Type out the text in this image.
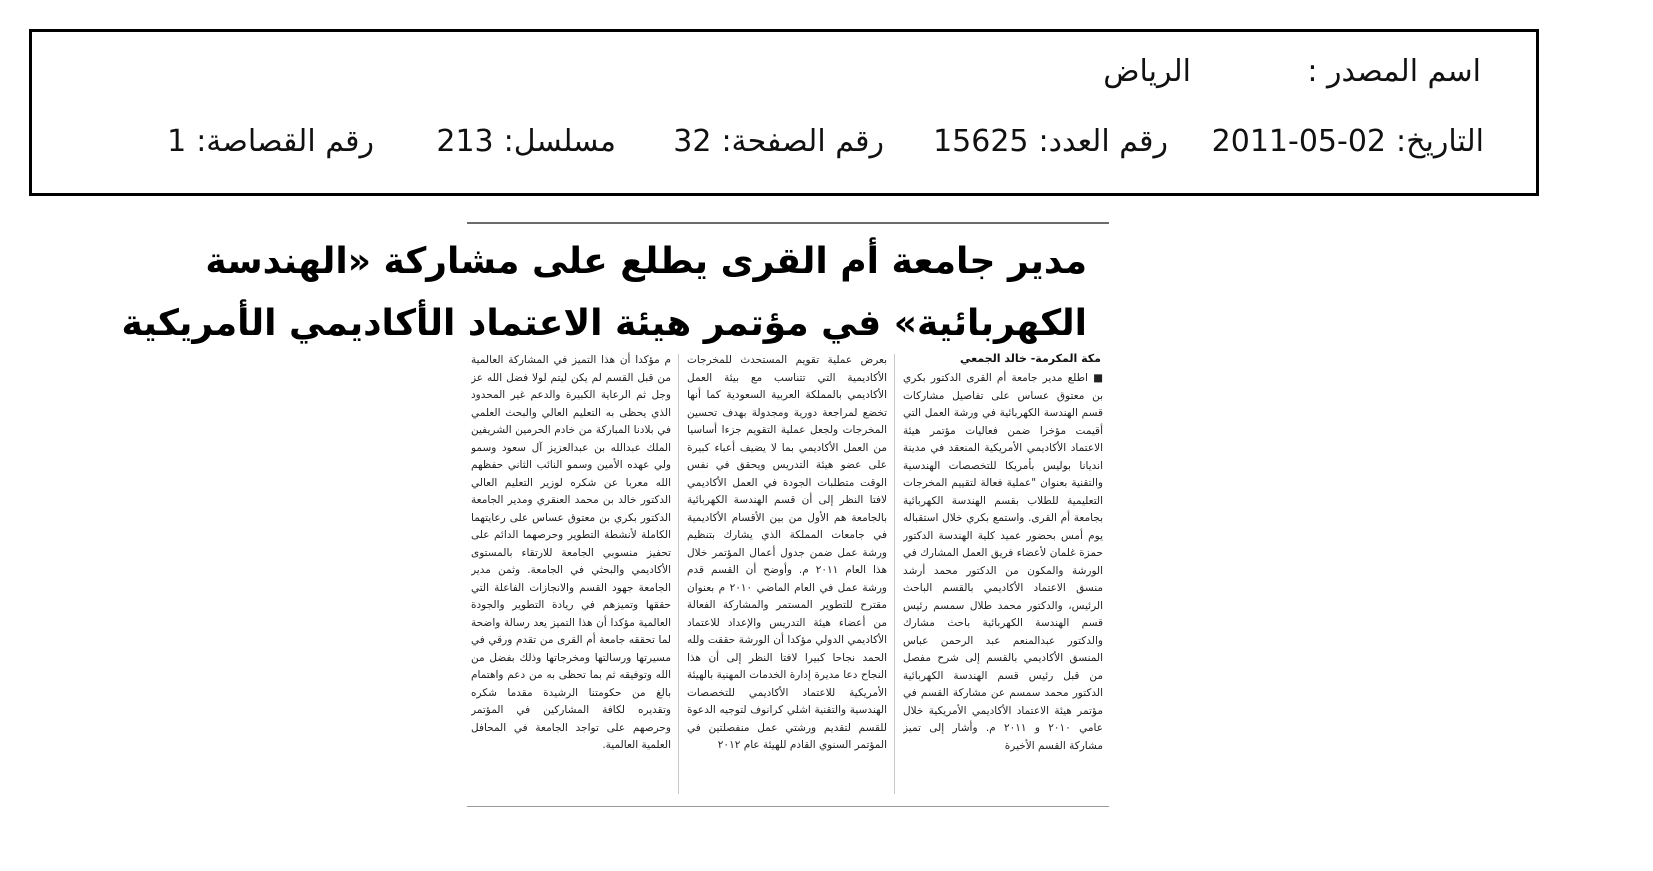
اسم المصدر :
الرياض
التاريخ:2011-05-02
رقم العدد:15625
رقم الصفحة:32
مسلسل:213
رقم القصاصة:1
مدير جامعة أم القرى يطلع على مشاركة «الهندسة
الكهربائية» في مؤتمر هيئة الاعتماد الأكاديمي الأمريكية
مكة المكرمة- خالد الجمعي

■ اطلع مدير جامعة أم القرى الدكتور بكري بن معتوق عساس على تفاصيل مشاركات قسم الهندسة الكهربائية في ورشة العمل التي أقيمت مؤخرا ضمن فعاليات مؤتمر هيئة الاعتماد الأكاديمي الأمريكية المنعقد في مدينة انديانا بوليس بأمريكا للتخصصات الهندسية والتقنية بعنوان "عملية فعالة لتقييم المخرجات التعليمية للطلاب بقسم الهندسة الكهربائية بجامعة أم القرى. واستمع بكري خلال استقباله يوم أمس بحضور عميد كلية الهندسة الدكتور حمزة غلمان لأعضاء فريق العمل المشارك في الورشة والمكون من الدكتور محمد أرشد منسق الاعتماد الأكاديمي بالقسم الباحث الرئيس، والدكتور محمد طلال سمسم رئيس قسم الهندسة الكهربائية باحث مشارك والدكتور عبدالمنعم عبد الرحمن عباس المنسق الأكاديمي بالقسم إلى شرح مفصل من قبل رئيس قسم الهندسة الكهربائية الدكتور محمد سمسم عن مشاركة القسم في مؤتمر هيئة الاعتماد الأكاديمي الأمريكية خلال عامي ٢٠١٠ و ٢٠١١ م. وأشار إلى تميز مشاركة القسم الأخيرة

بعرض عملية تقويم المستحدث للمخرجات الأكاديمية التي تتناسب مع بيئة العمل الأكاديمي بالمملكة العربية السعودية كما أنها تخضع لمراجعة دورية ومجدولة بهدف تحسين المخرجات ولجعل عملية التقويم جزءا أساسيا من العمل الأكاديمي بما لا يضيف أعباء كبيرة على عضو هيئة التدريس ويحقق في نفس الوقت متطلبات الجودة في العمل الأكاديمي لافتا النظر إلى أن قسم الهندسة الكهربائية بالجامعة هم الأول من بين الأقسام الأكاديمية في جامعات المملكة الذي يشارك بتنظيم ورشة عمل ضمن جدول أعمال المؤتمر خلال هذا العام ٢٠١١ م. وأوضح أن القسم قدم ورشة عمل في العام الماضي ٢٠١٠ م بعنوان مقترح للتطوير المستمر والمشاركة الفعالة من أعضاء هيئة التدريس والإعداد للاعتماد الأكاديمي الدولي مؤكدا أن الورشة حققت ولله الحمد نجاحا كبيرا لافتا النظر إلى أن هذا النجاح دعا مديرة إدارة الخدمات المهنية بالهيئة الأمريكية للاعتماد الأكاديمي للتخصصات الهندسية والتقنية اشلي كرانوف لتوجيه الدعوة للقسم لتقديم ورشتي عمل منفصلتين في المؤتمر السنوي القادم للهيئة عام ٢٠١٢

م مؤكدا أن هذا التميز في المشاركة العالمية من قبل القسم لم يكن ليتم لولا فضل الله عز وجل ثم الرعاية الكبيرة والدعم غير المحدود الذي يحظى به التعليم العالي والبحث العلمي في بلادنا المباركة من خادم الحرمين الشريفين الملك عبدالله بن عبدالعزيز آل سعود وسمو ولي عهده الأمين وسمو النائب الثاني حفظهم الله معربا عن شكره لوزير التعليم العالي الدكتور خالد بن محمد العنقري ومدير الجامعة الدكتور بكري بن معتوق عساس على رعايتهما الكاملة لأنشطة التطوير وحرصهما الدائم على تحفيز منسوبي الجامعة للارتقاء بالمستوى الأكاديمي والبحثي في الجامعة. وثمن مدير الجامعة جهود القسم والانجازات الفاعلة التي حققها وتميزهم في ريادة التطوير والجودة العالمية مؤكدا أن هذا التميز يعد رسالة واضحة لما تحققه جامعة أم القرى من تقدم ورقي في مسيرتها ورسالتها ومخرجاتها وذلك بفضل من الله وتوفيقه ثم بما تحظى به من دعم واهتمام بالغ من حكومتنا الرشيدة مقدما شكره وتقديره لكافة المشاركين في المؤتمر وحرصهم على تواجد الجامعة في المحافل العلمية العالمية.
